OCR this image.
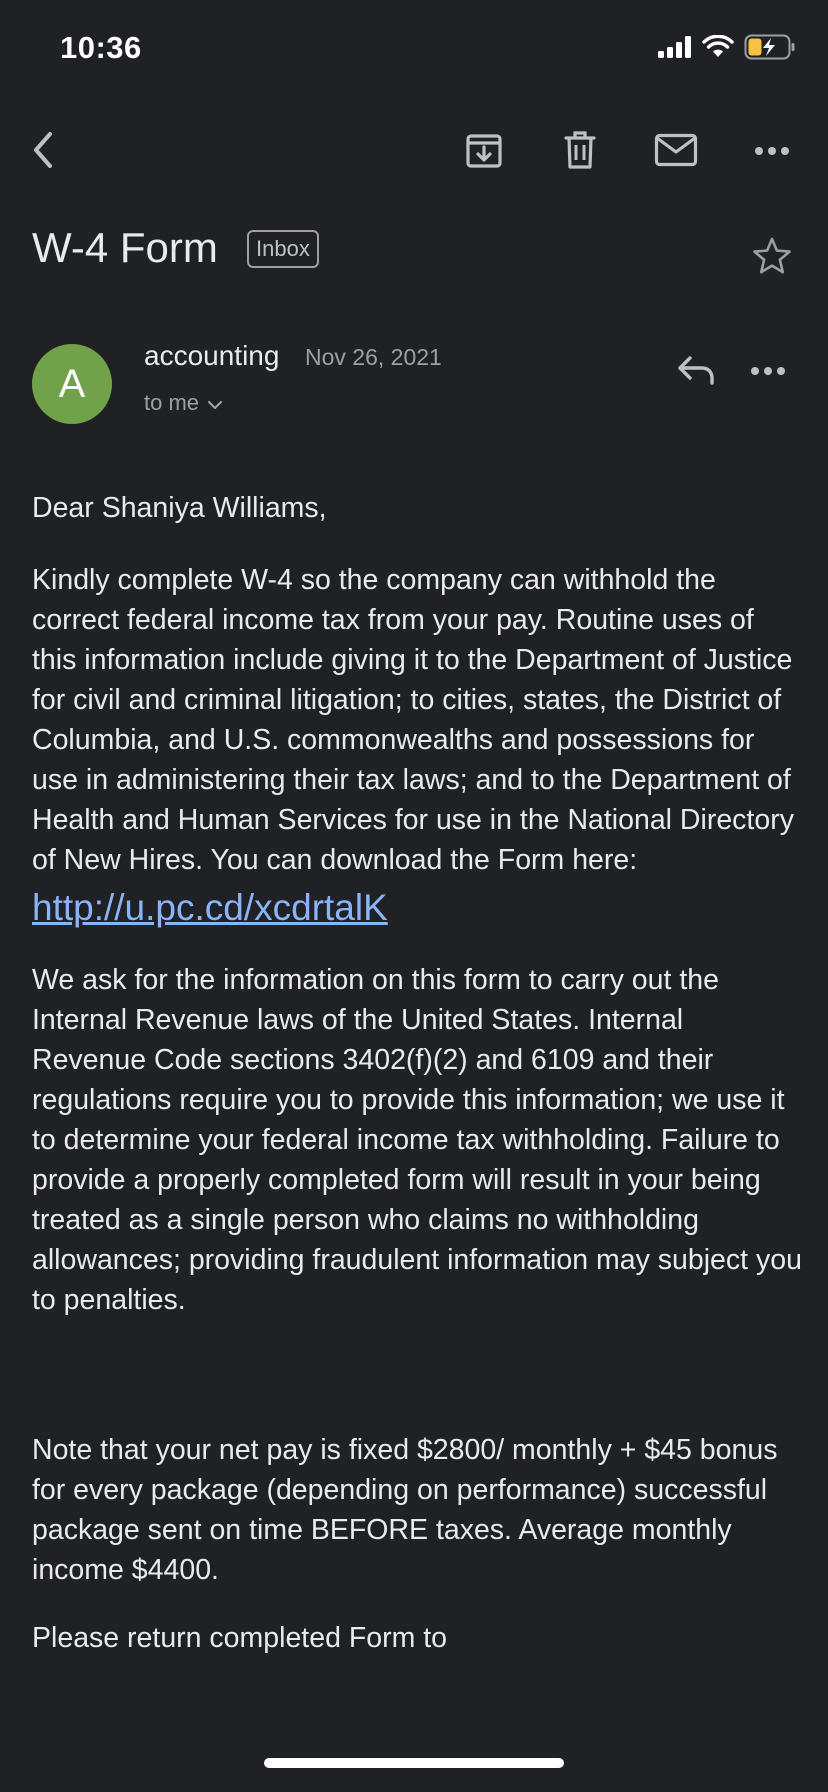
10:36
W-4 Form	Inbox
A
accounting Nov 26, 2021
to me

Dear Shaniya Williams,

Kindly complete W-4 so the company can withhold the correct federal income tax from your pay. Routine uses of this information include giving it to the Department of Justice for civil and criminal litigation; to cities, states, the District of Columbia, and U.S. commonwealths and possessions for use in administering their tax laws; and to the Department of Health and Human Services for use in the National Directory of New Hires. You can download the Form here:

http://u.pc.cd/xcdrtalK

We ask for the information on this form to carry out the Internal Revenue laws of the United States. Internal Revenue Code sections 3402(f)(2) and 6109 and their regulations require you to provide this information; we use it to determine your federal income tax withholding. Failure to provide a properly completed form will result in your being treated as a single person who claims no withholding allowances; providing fraudulent information may subject you to penalties.

Note that your net pay is fixed $2800/ monthly + $45 bonus for every package (depending on performance) successful package sent on time BEFORE taxes. Average monthly income $4400.

Please return completed Form to
